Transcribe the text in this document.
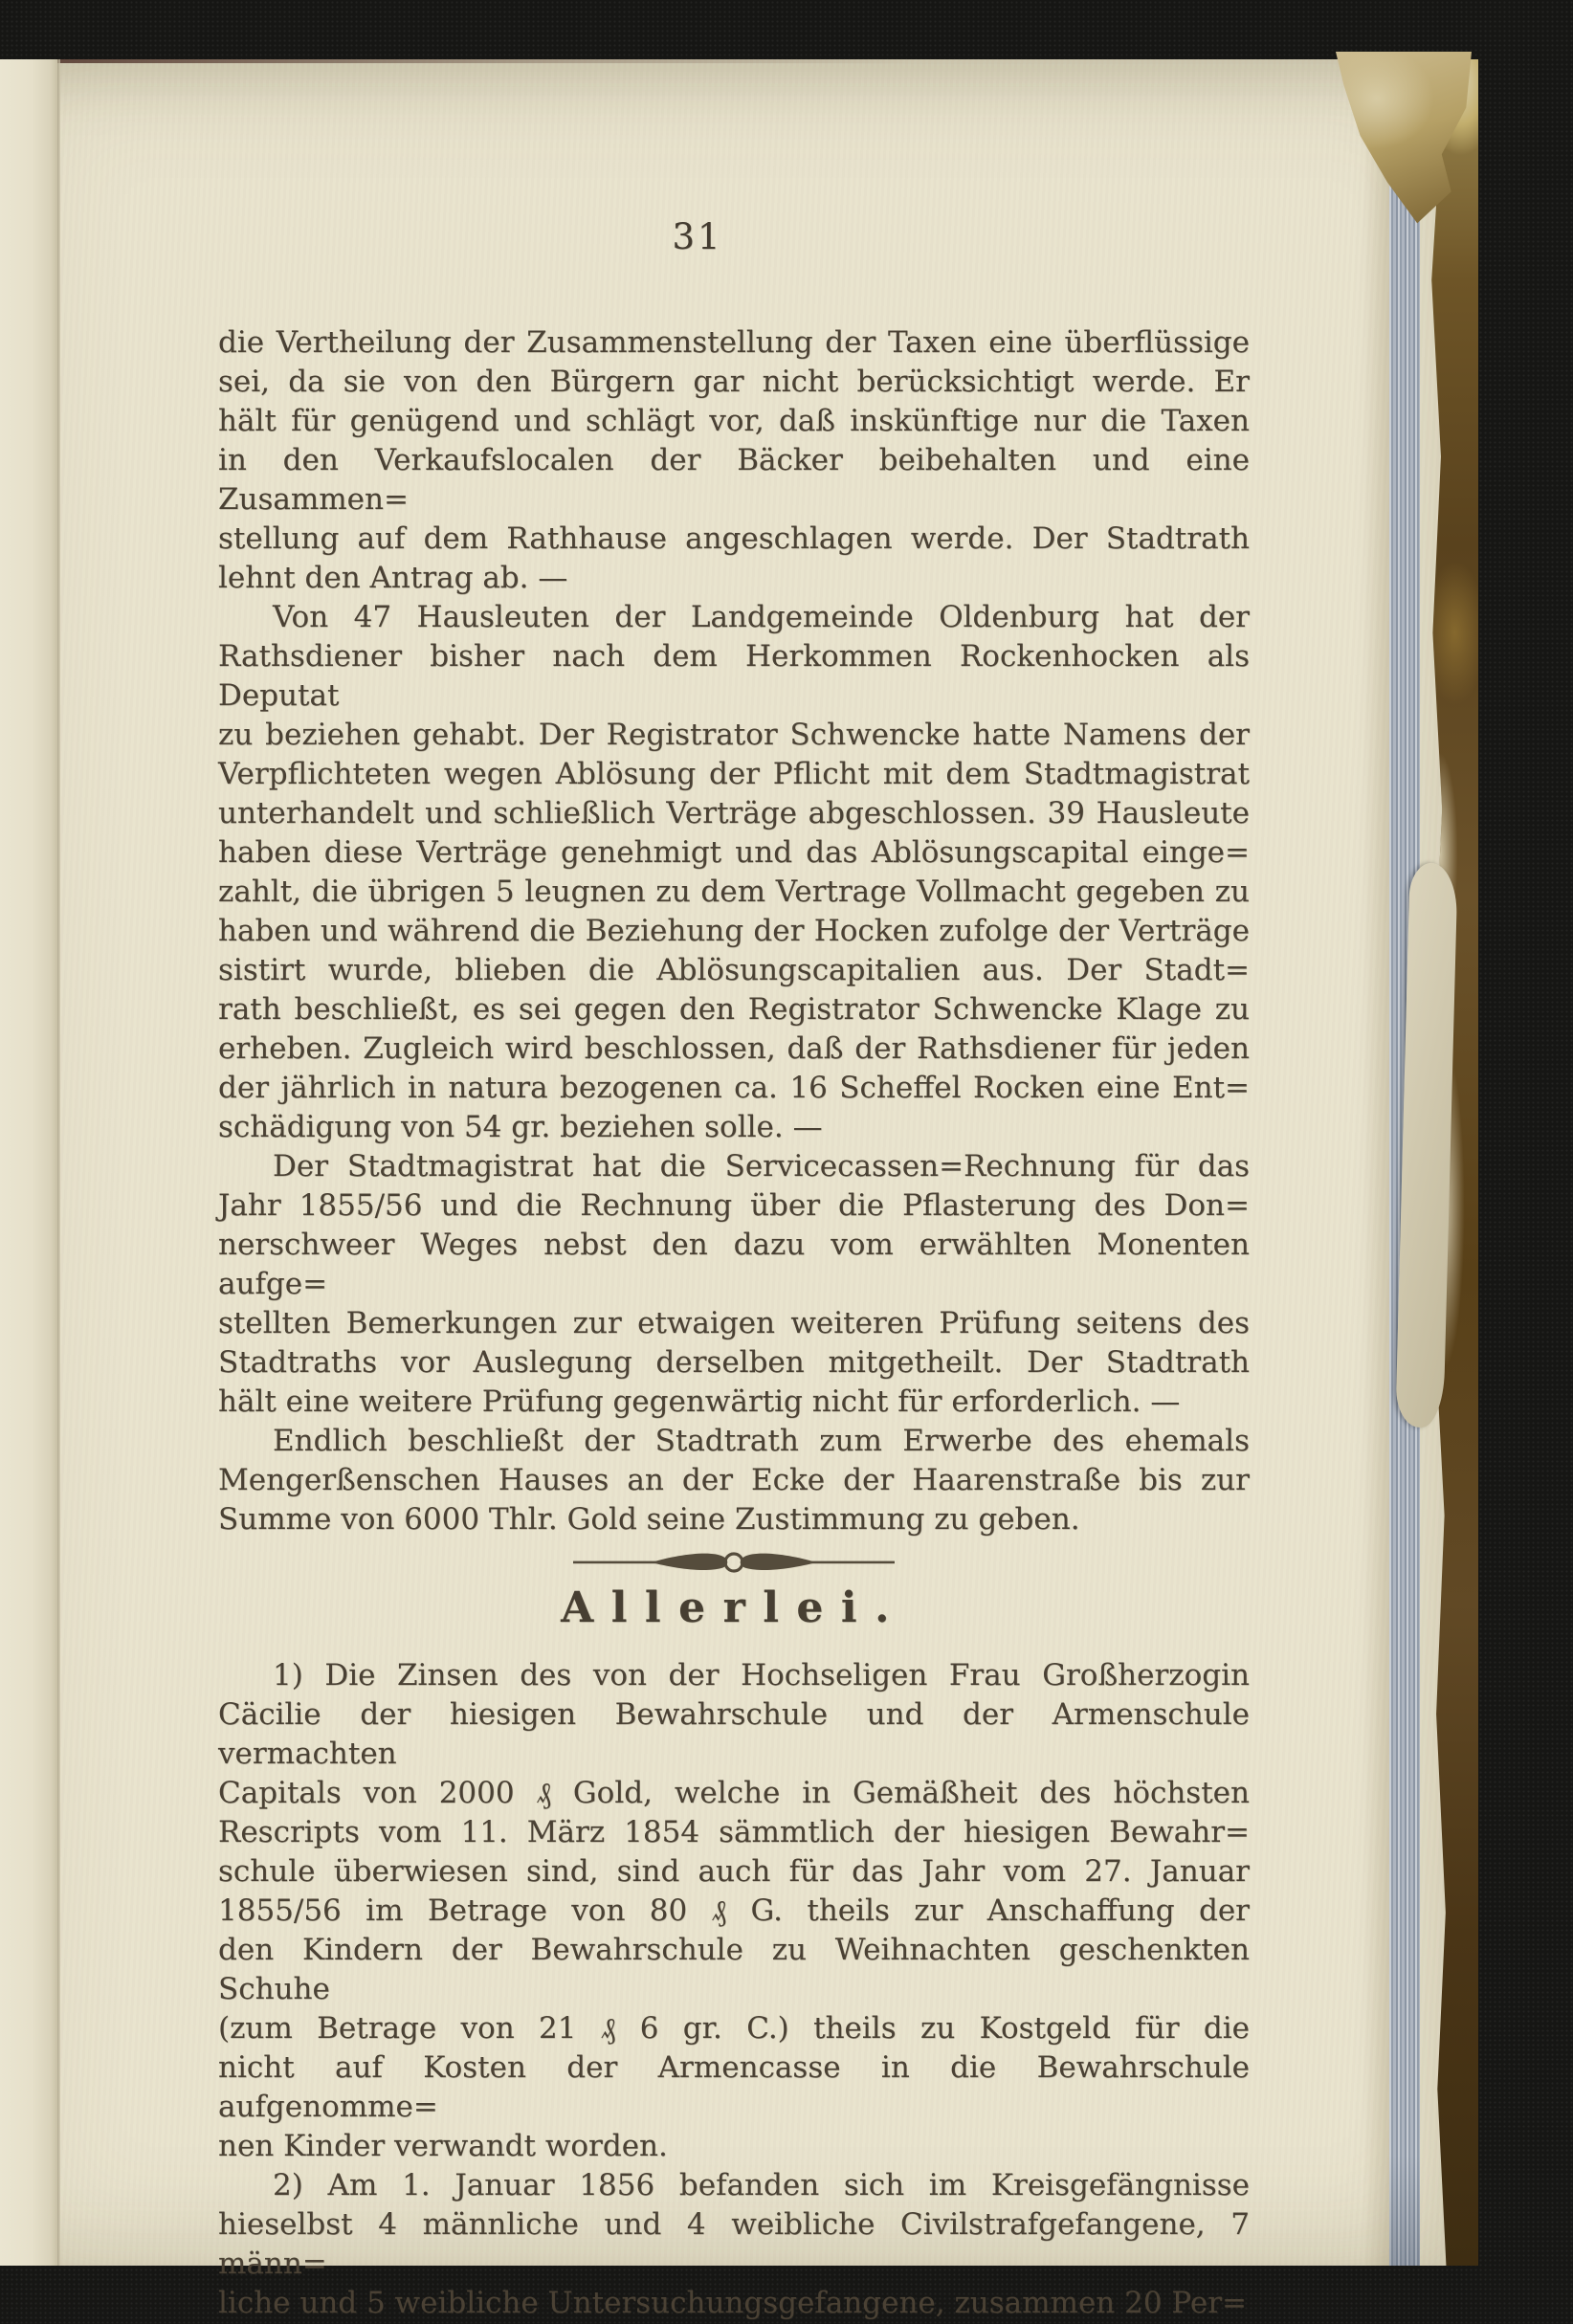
31
die Vertheilung der Zusammenstellung der Taxen eine überflüssige
sei, da sie von den Bürgern gar nicht berücksichtigt werde. Er
hält für genügend und schlägt vor, daß inskünftige nur die Taxen
in den Verkaufslocalen der Bäcker beibehalten und eine Zusammen=
stellung auf dem Rathhause angeschlagen werde. Der Stadtrath
lehnt den Antrag ab. —
Von 47 Hausleuten der Landgemeinde Oldenburg hat der
Rathsdiener bisher nach dem Herkommen Rockenhocken als Deputat
zu beziehen gehabt. Der Registrator Schwencke hatte Namens der
Verpflichteten wegen Ablösung der Pflicht mit dem Stadtmagistrat
unterhandelt und schließlich Verträge abgeschlossen. 39 Hausleute
haben diese Verträge genehmigt und das Ablösungscapital einge=
zahlt, die übrigen 5 leugnen zu dem Vertrage Vollmacht gegeben zu
haben und während die Beziehung der Hocken zufolge der Verträge
sistirt wurde, blieben die Ablösungscapitalien aus. Der Stadt=
rath beschließt, es sei gegen den Registrator Schwencke Klage zu
erheben. Zugleich wird beschlossen, daß der Rathsdiener für jeden
der jährlich in natura bezogenen ca. 16 Scheffel Rocken eine Ent=
schädigung von 54 gr. beziehen solle. —
Der Stadtmagistrat hat die Servicecassen=Rechnung für das
Jahr 1855/56 und die Rechnung über die Pflasterung des Don=
nerschweer Weges nebst den dazu vom erwählten Monenten aufge=
stellten Bemerkungen zur etwaigen weiteren Prüfung seitens des
Stadtraths vor Auslegung derselben mitgetheilt. Der Stadtrath
hält eine weitere Prüfung gegenwärtig nicht für erforderlich. —
Endlich beschließt der Stadtrath zum Erwerbe des ehemals
Mengerßenschen Hauses an der Ecke der Haarenstraße bis zur
Summe von 6000 Thlr. Gold seine Zustimmung zu geben.
Allerlei.
1) Die Zinsen des von der Hochseligen Frau Großherzogin
Cäcilie der hiesigen Bewahrschule und der Armenschule vermachten
Capitals von 2000 ₰ Gold, welche in Gemäßheit des höchsten
Rescripts vom 11. März 1854 sämmtlich der hiesigen Bewahr=
schule überwiesen sind, sind auch für das Jahr vom 27. Januar
1855/56 im Betrage von 80 ₰ G. theils zur Anschaffung der
den Kindern der Bewahrschule zu Weihnachten geschenkten Schuhe
(zum Betrage von 21 ₰ 6 gr. C.) theils zu Kostgeld für die
nicht auf Kosten der Armencasse in die Bewahrschule aufgenomme=
nen Kinder verwandt worden.
2) Am 1. Januar 1856 befanden sich im Kreisgefängnisse
hieselbst 4 männliche und 4 weibliche Civilstrafgefangene, 7 männ=
liche und 5 weibliche Untersuchungsgefangene, zusammen 20 Per=
